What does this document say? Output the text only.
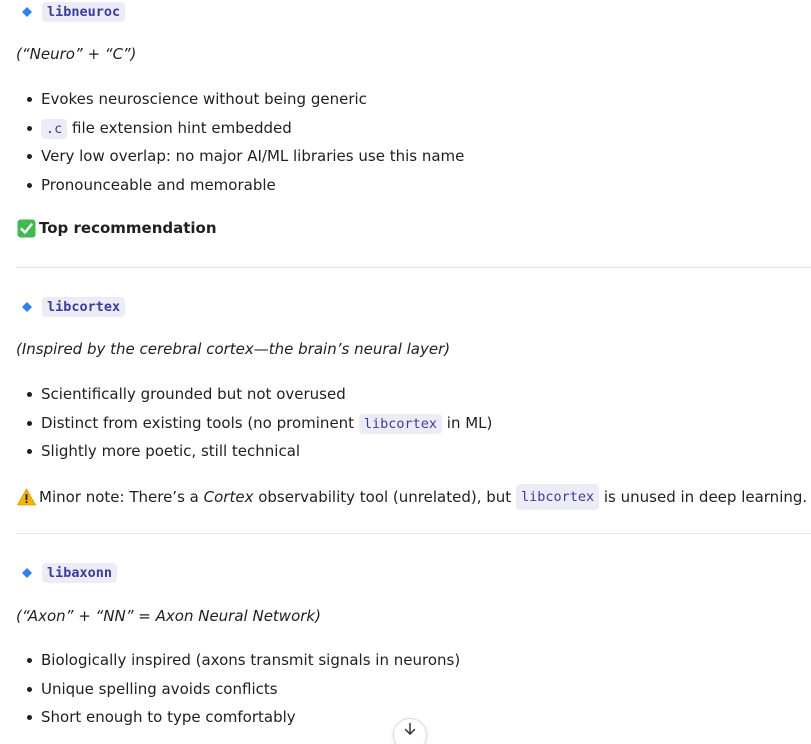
libneuroc

(“Neuro” + “C”)

Evokes neuroscience without being generic
.c file extension hint embedded
Very low overlap: no major AI/ML libraries use this name
Pronounceable and memorable
Top recommendation
libcortex

(Inspired by the cerebral cortex—the brain’s neural layer)

Scientifically grounded but not overused
Distinct from existing tools (no prominent libcortex in ML)
Slightly more poetic, still technical
Minor note: There’s a
Cortex
observability tool (unrelated), but
libcortex
is unused in deep learning.
libaxonn

(“Axon” + “NN” = Axon Neural Network)

Biologically inspired (axons transmit signals in neurons)
Unique spelling avoids conflicts
Short enough to type comfortably
